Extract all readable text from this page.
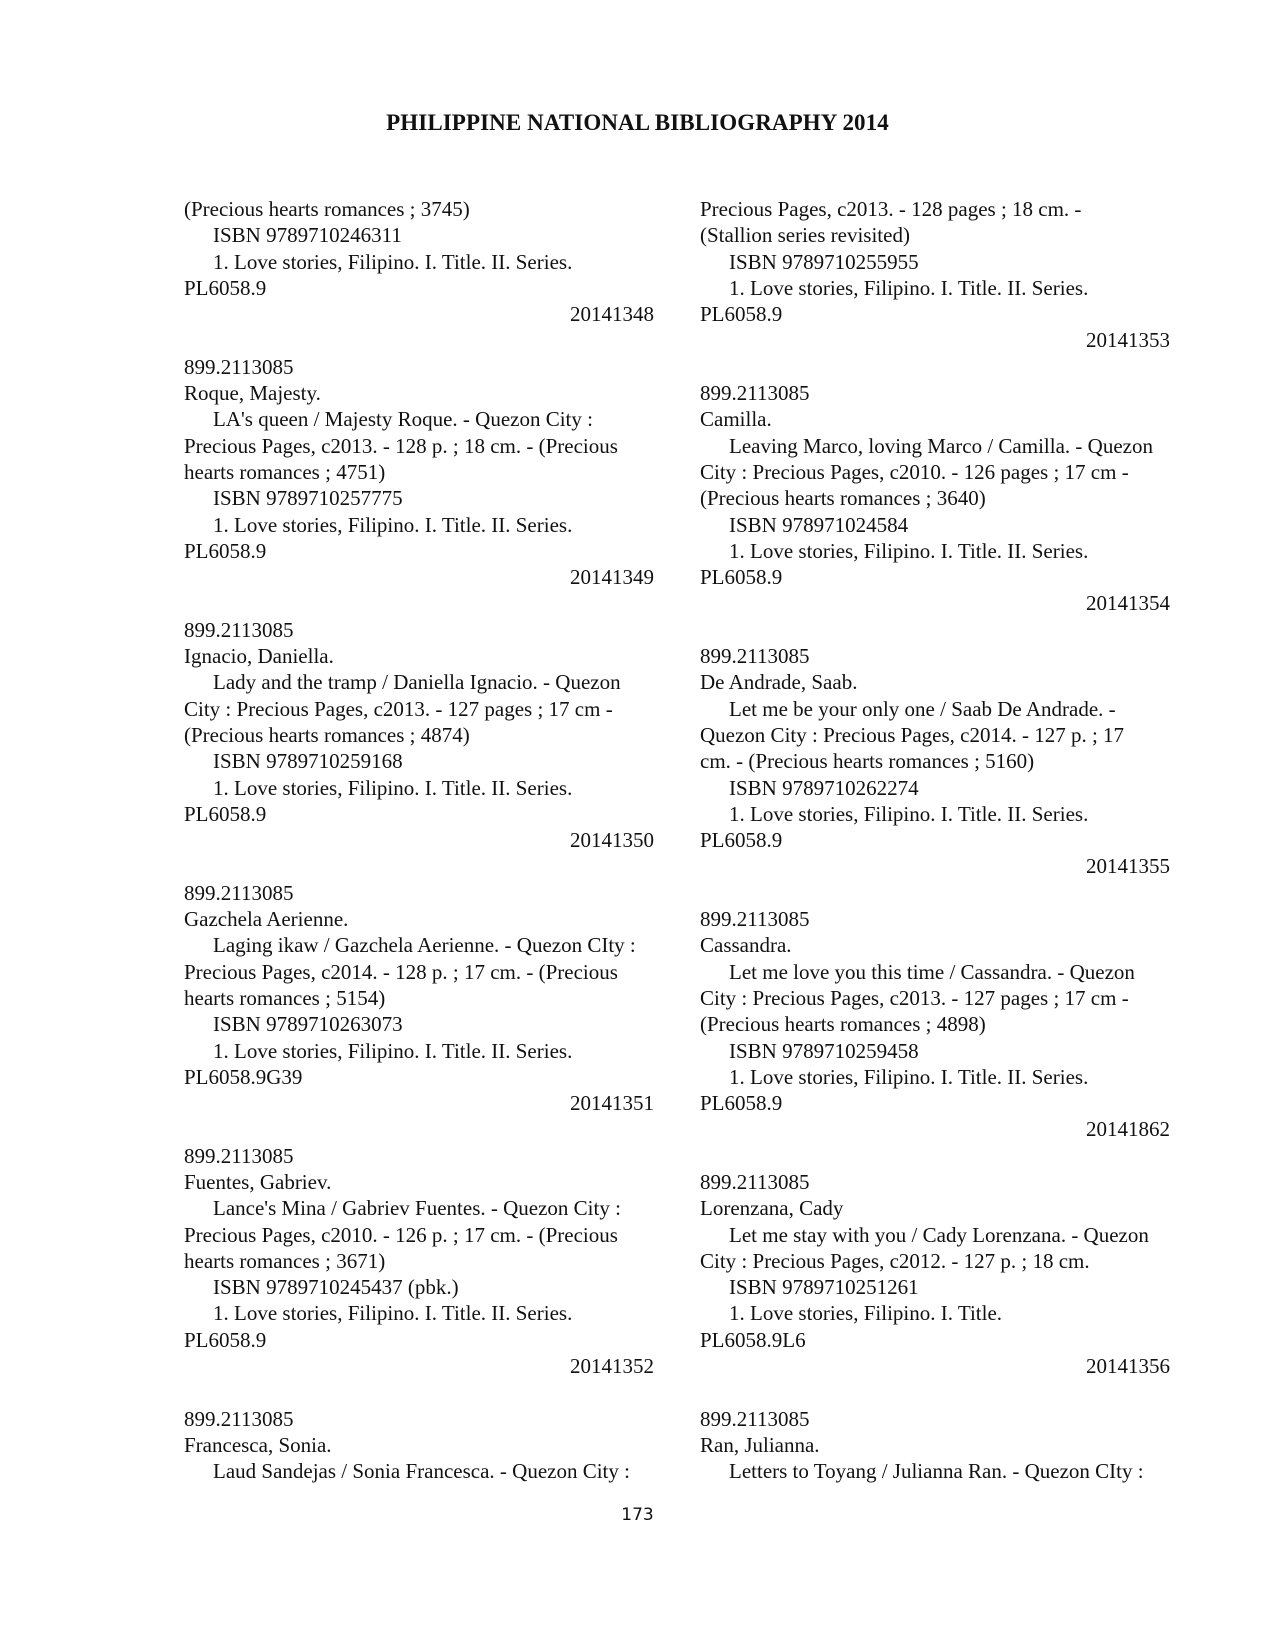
PHILIPPINE NATIONAL BIBLIOGRAPHY 2014
(Precious hearts romances ; 3745)
ISBN 9789710246311
1. Love stories, Filipino. I. Title. II. Series.
PL6058.9
20141348
899.2113085
Roque, Majesty.
LA's queen / Majesty Roque. - Quezon City :
Precious Pages, c2013. - 128 p. ; 18 cm. - (Precious
hearts romances ; 4751)
ISBN 9789710257775
1. Love stories, Filipino. I. Title. II. Series.
PL6058.9
20141349
899.2113085
Ignacio, Daniella.
Lady and the tramp / Daniella Ignacio. - Quezon
City : Precious Pages, c2013. - 127 pages ; 17 cm -
(Precious hearts romances ; 4874)
ISBN 9789710259168
1. Love stories, Filipino. I. Title. II. Series.
PL6058.9
20141350
899.2113085
Gazchela Aerienne.
Laging ikaw / Gazchela Aerienne. - Quezon CIty :
Precious Pages, c2014. - 128 p. ; 17 cm. - (Precious
hearts romances ; 5154)
ISBN 9789710263073
1. Love stories, Filipino. I. Title. II. Series.
PL6058.9G39
20141351
899.2113085
Fuentes, Gabriev.
Lance's Mina / Gabriev Fuentes. - Quezon City :
Precious Pages, c2010. - 126 p. ; 17 cm. - (Precious
hearts romances ; 3671)
ISBN 9789710245437 (pbk.)
1. Love stories, Filipino. I. Title. II. Series.
PL6058.9
20141352
899.2113085
Francesca, Sonia.
Laud Sandejas / Sonia Francesca. - Quezon City :
Precious Pages, c2013. - 128 pages ; 18 cm. -
(Stallion series revisited)
ISBN 9789710255955
1. Love stories, Filipino. I. Title. II. Series.
PL6058.9
20141353
899.2113085
Camilla.
Leaving Marco, loving Marco / Camilla. - Quezon
City : Precious Pages, c2010. - 126 pages ; 17 cm -
(Precious hearts romances ; 3640)
ISBN 978971024584
1. Love stories, Filipino. I. Title. II. Series.
PL6058.9
20141354
899.2113085
De Andrade, Saab.
Let me be your only one / Saab De Andrade. -
Quezon City : Precious Pages, c2014. - 127 p. ; 17
cm. - (Precious hearts romances ; 5160)
ISBN 9789710262274
1. Love stories, Filipino. I. Title. II. Series.
PL6058.9
20141355
899.2113085
Cassandra.
Let me love you this time / Cassandra. - Quezon
City : Precious Pages, c2013. - 127 pages ; 17 cm -
(Precious hearts romances ; 4898)
ISBN 9789710259458
1. Love stories, Filipino. I. Title. II. Series.
PL6058.9
20141862
899.2113085
Lorenzana, Cady
Let me stay with you / Cady Lorenzana. - Quezon
City : Precious Pages, c2012. - 127 p. ; 18 cm.
ISBN 9789710251261
1. Love stories, Filipino. I. Title.
PL6058.9L6
20141356
899.2113085
Ran, Julianna.
Letters to Toyang / Julianna Ran. - Quezon CIty :
173
